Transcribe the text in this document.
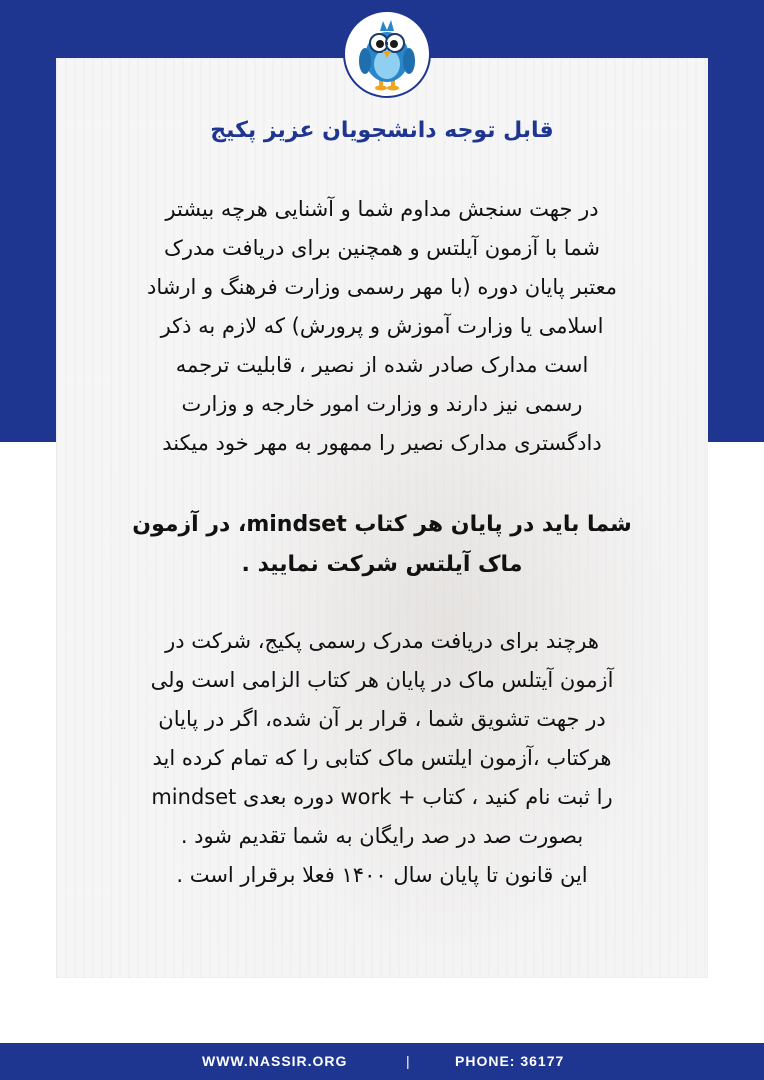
قابل توجه دانشجویان عزیز پکیج
در جهت سنجش مداوم شما و آشنایی هرچه بیشتر
شما با آزمون آیلتس و همچنین برای دریافت مدرک
معتبر پایان دوره (با مهر رسمی وزارت فرهنگ و ارشاد
اسلامی یا وزارت آموزش و پرورش) که لازم به ذکر
است مدارک صادر شده از نصیر ، قابلیت ترجمه
رسمی نیز دارند و وزارت امور خارجه و وزارت
دادگستری مدارک نصیر را ممهور به مهر خود میکند
شما باید در پایان هر کتاب mindset، در آزمون
ماک آیلتس شرکت نمایید .
هرچند برای دریافت مدرک رسمی پکیج، شرکت در
آزمون آیتلس ماک در پایان هر کتاب الزامی است ولی
در جهت تشویق شما ، قرار بر آن شده، اگر در پایان
هرکتاب ،آزمون ایلتس ماک کتابی را که تمام کرده اید
را ثبت نام کنید ، کتاب + work دوره بعدی mindset
بصورت صد در صد رایگان به شما تقدیم شود .
این قانون تا پایان سال ۱۴۰۰ فعلا برقرار است .
WWW.NASSIR.ORG	|	PHONE: 36177
